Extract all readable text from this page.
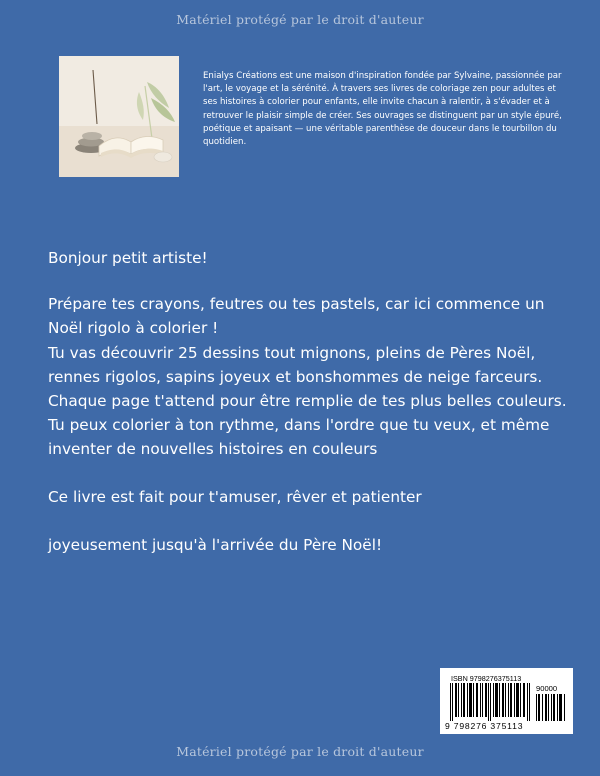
Matériel protégé par le droit d'auteur

Enialys Créations est une maison d'inspiration fondée par Sylvaine, passionnée par l'art, le voyage et la sérénité. À travers ses livres de coloriage zen pour adultes et ses histoires à colorier pour enfants, elle invite chacun à ralentir, à s'évader et à retrouver le plaisir simple de créer. Ses ouvrages se distinguent par un style épuré, poétique et apaisant — une véritable parenthèse de douceur dans le tourbillon du quotidien.

Bonjour petit artiste!

Prépare tes crayons, feutres ou tes pastels, car ici commence un Noël rigolo à colorier !

Tu vas découvrir 25 dessins tout mignons, pleins de Pères Noël, rennes rigolos, sapins joyeux et bonshommes de neige farceurs. Chaque page t'attend pour être remplie de tes plus belles couleurs.

Tu peux colorier à ton rythme, dans l'ordre que tu veux, et même inventer de nouvelles histoires en couleurs

Ce livre est fait pour t'amuser, rêver et patienter

joyeusement jusqu'à l'arrivée du Père Noël!

ISBN 9798276375113
90000
9 798276 375113
Matériel protégé par le droit d'auteur
